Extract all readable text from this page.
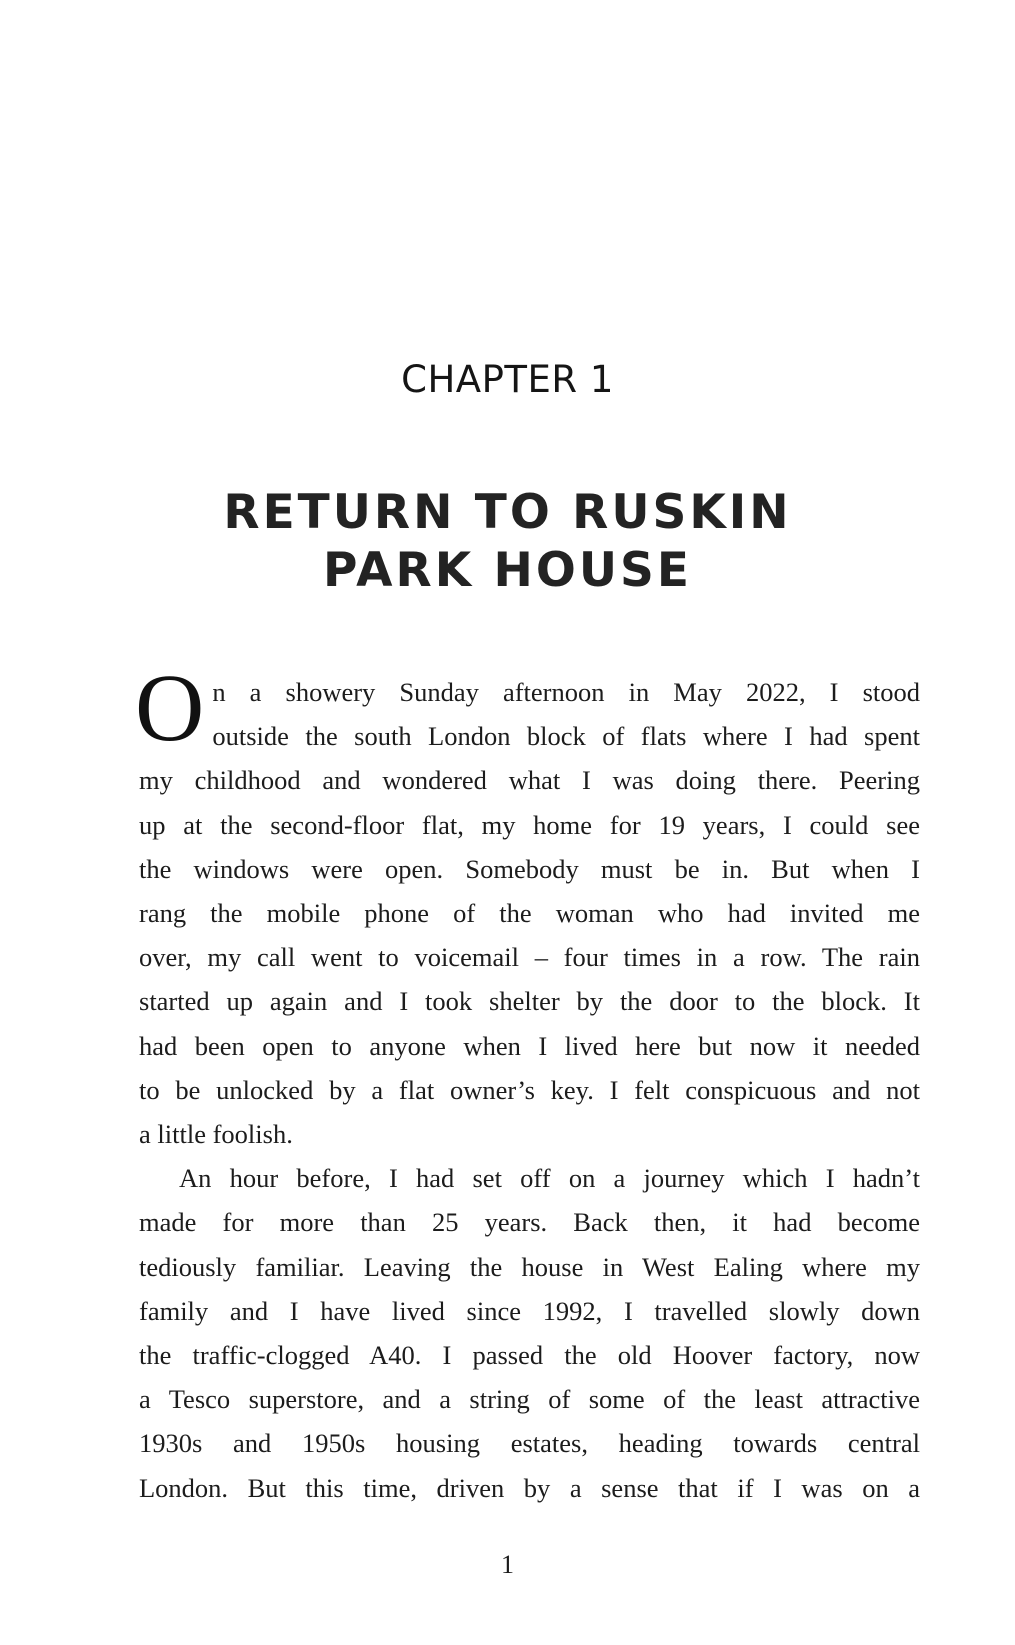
CHAPTER 1
RETURN TO RUSKIN
PARK HOUSE

O n a showery Sunday afternoon in May 2022, I stood
outside the south London block of flats where I had spent
my childhood and wondered what I was doing there. Peering
up at the second-floor flat, my home for 19 years, I could see
the windows were open. Somebody must be in. But when I
rang the mobile phone of the woman who had invited me
over, my call went to voicemail – four times in a row. The rain
started up again and I took shelter by the door to the block. It
had been open to anyone when I lived here but now it needed
to be unlocked by a flat owner’s key. I felt conspicuous and not
a little foolish.

An hour before, I had set off on a journey which I hadn’t
made for more than 25 years. Back then, it had become
tediously familiar. Leaving the house in West Ealing where my
family and I have lived since 1992, I travelled slowly down
the traffic-clogged A40. I passed the old Hoover factory, now
a Tesco superstore, and a string of some of the least attractive
1930s and 1950s housing estates, heading towards central
London. But this time, driven by a sense that if I was on a

1
